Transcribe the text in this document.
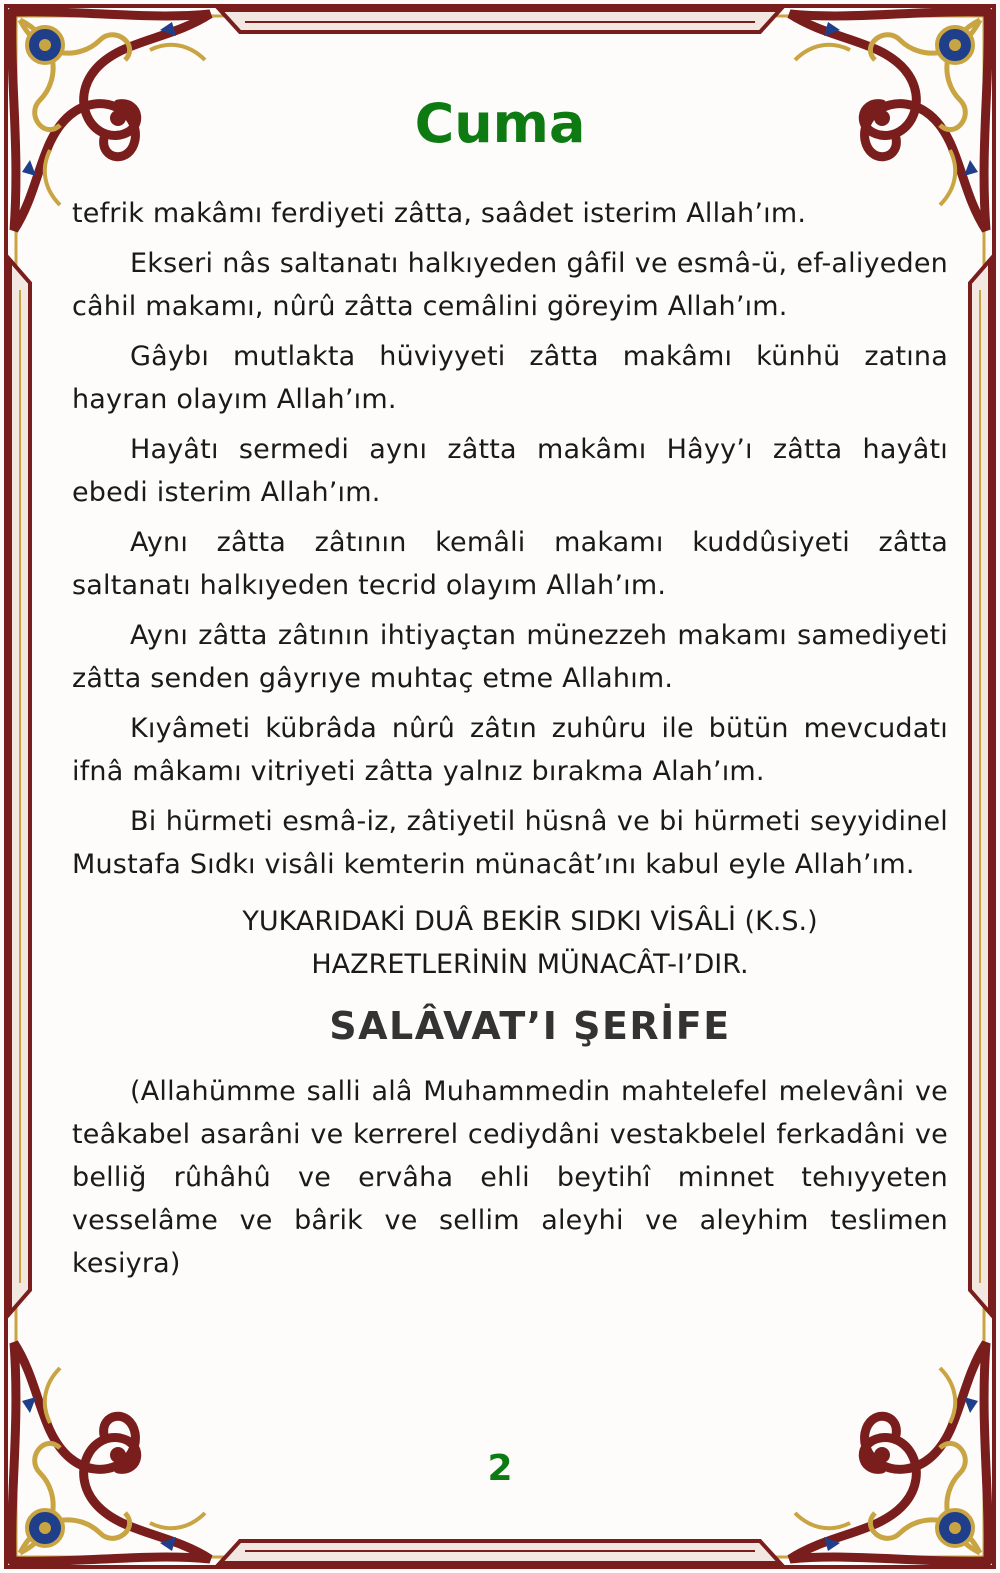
Cuma

tefrik makâmı ferdiyeti zâtta, saâdet isterim Allah’ım.

Ekseri nâs saltanatı halkıyeden gâfil ve esmâ-ü, ef-aliyeden câhil makamı, nûrû zâtta cemâlini göreyim Allah’ım.

Gâybı mutlakta hüviyyeti zâtta makâmı künhü zatına hayran olayım Allah’ım.

Hayâtı sermedi aynı zâtta makâmı Hâyy’ı zâtta hayâtı ebedi isterim Allah’ım.

Aynı zâtta zâtının kemâli makamı kuddûsiyeti zâtta saltanatı halkıyeden tecrid olayım Allah’ım.

Aynı zâtta zâtının ihtiyaçtan münezzeh makamı samediyeti zâtta senden gâyrıye muhtaç etme Allahım.

Kıyâmeti kübrâda nûrû zâtın zuhûru ile bütün mevcudatı ifnâ mâkamı vitriyeti zâtta yalnız bırakma Alah’ım.

Bi hürmeti esmâ-iz, zâtiyetil hüsnâ ve bi hürmeti seyyidinel Mustafa Sıdkı visâli kemterin münacât’ını kabul eyle Allah’ım.

YUKARIDAKİ DUÂ BEKİR SIDKI VİSÂLİ (K.S.)
HAZRETLERİNİN MÜNACÂT-I’DIR.
SALÂVAT’I ŞERİFE

(Allahümme salli alâ Muhammedin mahtelefel melevâni ve teâkabel asarâni ve kerrerel cediydâni vestakbelel ferkadâni ve belliğ rûhâhû ve ervâha ehli beytihî minnet tehıyyeten vesselâme ve bârik ve sellim aleyhi ve aleyhim teslimen kesiyra)

2
